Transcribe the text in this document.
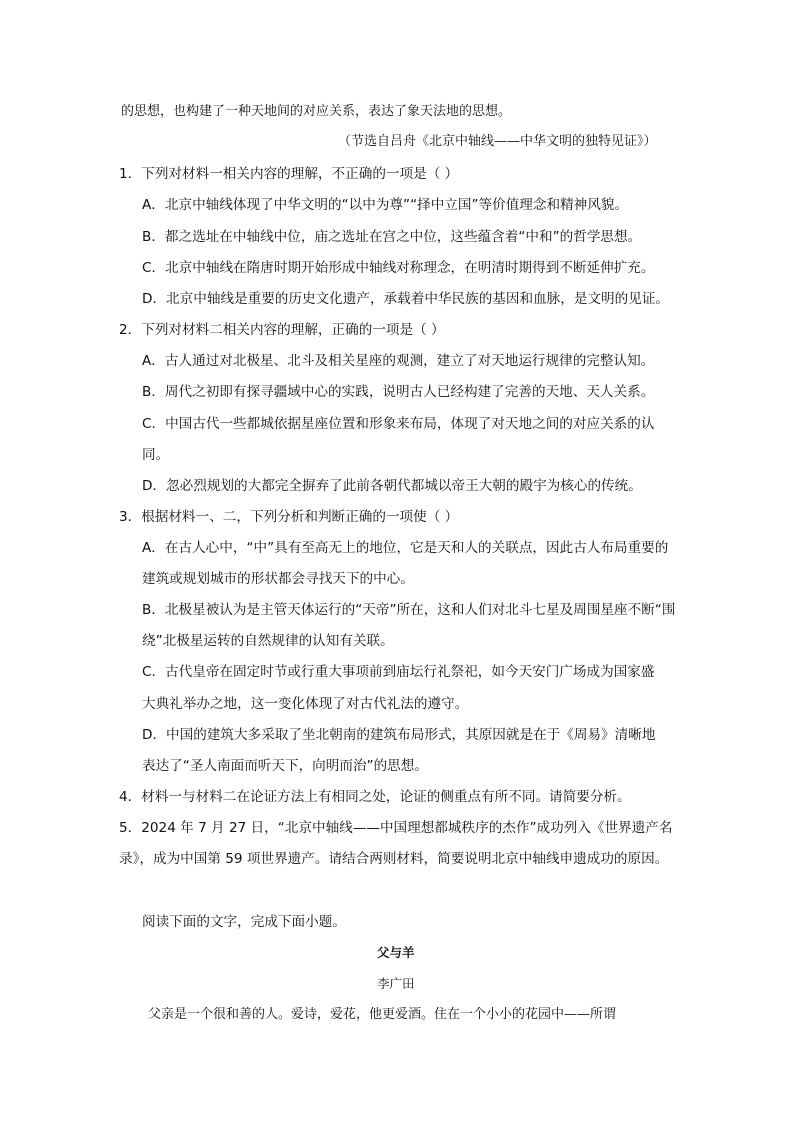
的思想，也构建了一种天地间的对应关系，表达了象天法地的思想。
（节选自吕舟《北京中轴线——中华文明的独特见证》）
1．下列对材料一相关内容的理解，不正确的一项是（ ）
A．北京中轴线体现了中华文明的“以中为尊”“择中立国”等价值理念和精神风貌。
B．都之选址在中轴线中位，庙之选址在宫之中位，这些蕴含着“中和”的哲学思想。
C．北京中轴线在隋唐时期开始形成中轴线对称理念，在明清时期得到不断延伸扩充。
D．北京中轴线是重要的历史文化遗产，承载着中华民族的基因和血脉，是文明的见证。
2．下列对材料二相关内容的理解，正确的一项是（ ）
A．古人通过对北极星、北斗及相关星座的观测，建立了对天地运行规律的完整认知。
B．周代之初即有探寻疆域中心的实践，说明古人已经构建了完善的天地、天人关系。
C．中国古代一些都城依据星座位置和形象来布局，体现了对天地之间的对应关系的认
同。
D．忽必烈规划的大都完全摒弃了此前各朝代都城以帝王大朝的殿宇为核心的传统。
3．根据材料一、二，下列分析和判断正确的一项使（ ）
A．在古人心中，“中”具有至高无上的地位，它是天和人的关联点，因此古人布局重要的
建筑或规划城市的形状都会寻找天下的中心。
B．北极星被认为是主管天体运行的“天帝”所在，这和人们对北斗七星及周围星座不断“围
绕”北极星运转的自然规律的认知有关联。
C．古代皇帝在固定时节或行重大事项前到庙坛行礼祭祀，如今天安门广场成为国家盛
大典礼举办之地，这一变化体现了对古代礼法的遵守。
D．中国的建筑大多采取了坐北朝南的建筑布局形式，其原因就是在于《周易》清晰地
表达了“圣人南面而听天下，向明而治”的思想。
4．材料一与材料二在论证方法上有相同之处，论证的侧重点有所不同。请简要分析。
5．2024 年 7 月 27 日，“北京中轴线——中国理想都城秩序的杰作”成功列入《世界遗产名
录》，成为中国第 59 项世界遗产。请结合两则材料，简要说明北京中轴线申遗成功的原因。
阅读下面的文字，完成下面小题。
父与羊
李广田
父亲是一个很和善的人。爱诗，爱花，他更爱酒。住在一个小小的花园中——所谓
